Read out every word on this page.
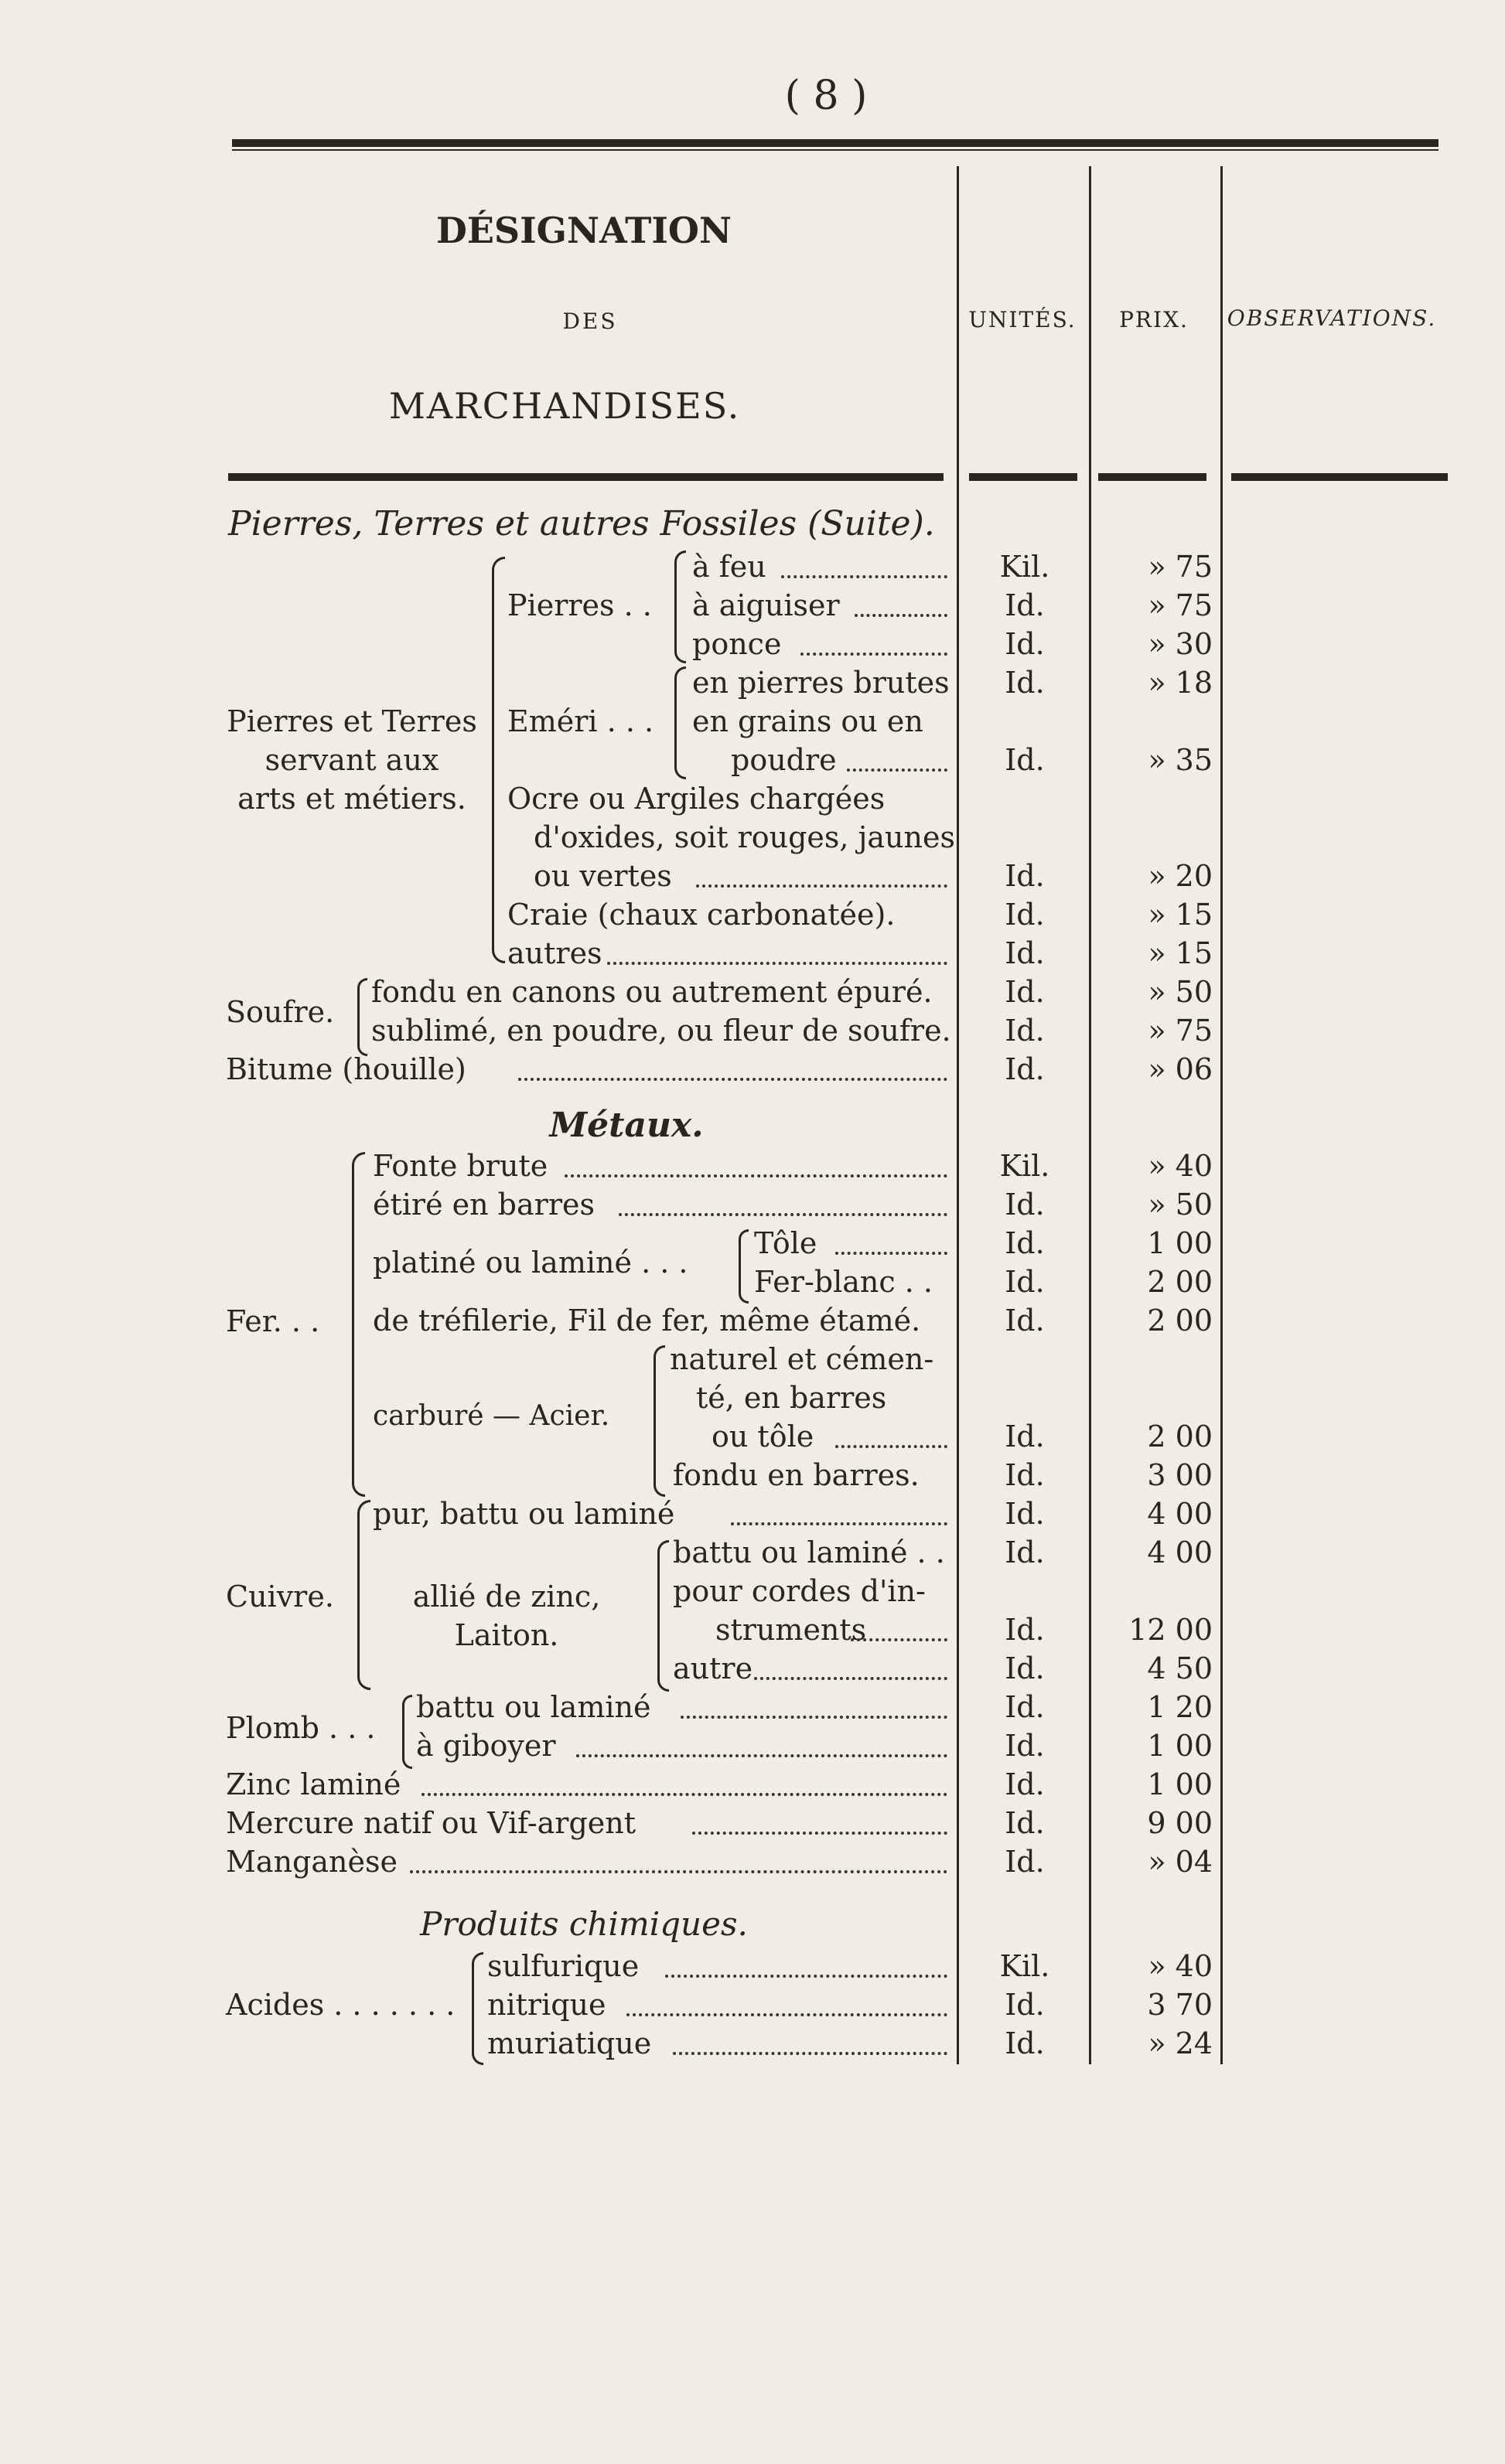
( 8 )
DÉSIGNATION
DES
MARCHANDISES.
UNITÉS. PRIX. OBSERVATIONS.
Pierres, Terres et autres Fossiles (Suite).
Pierres et Terres
servant aux
arts et métiers.
Pierres . .
Eméri . . .
à feu
à aiguiser
ponce
en pierres brutes
en grains ou en
poudre
Ocre ou Argiles chargées
d'oxides, soit rouges, jaunes
ou vertes
Craie (chaux carbonatée).
autres
Soufre.
fondu en canons ou autrement épuré.
sublimé, en poudre, ou fleur de soufre.
Bitume (houille)
Métaux.
Fer. . .
Fonte brute
étiré en barres
platiné ou laminé . . .
Tôle
Fer-blanc . .
de tréfilerie, Fil de fer, même étamé.
carburé — Acier.
naturel et cémen-
té, en barres
ou tôle
fondu en barres.
Cuivre.
pur, battu ou laminé
allié de zinc,
Laiton.
battu ou laminé . .
pour cordes d'in-
struments
autre
Plomb . . .
battu ou laminé
à giboyer
Zinc laminé
Mercure natif ou Vif-argent
Manganèse
Produits chimiques.
Acides . . . . . . .
sulfurique
nitrique
muriatique
Kil.
Id.
Id.
Id.
Id.
Id.
Id.
Id.
Id.
Id.
Id.
Kil.
Id.
Id.
Id.
Id.
Id.
Id.
Id.
Id.
Id.
Id.
Id.
Id.
Id.
Id.
Id.
Kil.
Id.
Id.
» 75
» 75
» 30
» 18
» 35
» 20
» 15
» 15
» 50
» 75
» 06
» 40
» 50
1 00
2 00
2 00
2 00
3 00
4 00
4 00
12 00
4 50
1 20
1 00
1 00
9 00
» 04
» 40
3 70
» 24
